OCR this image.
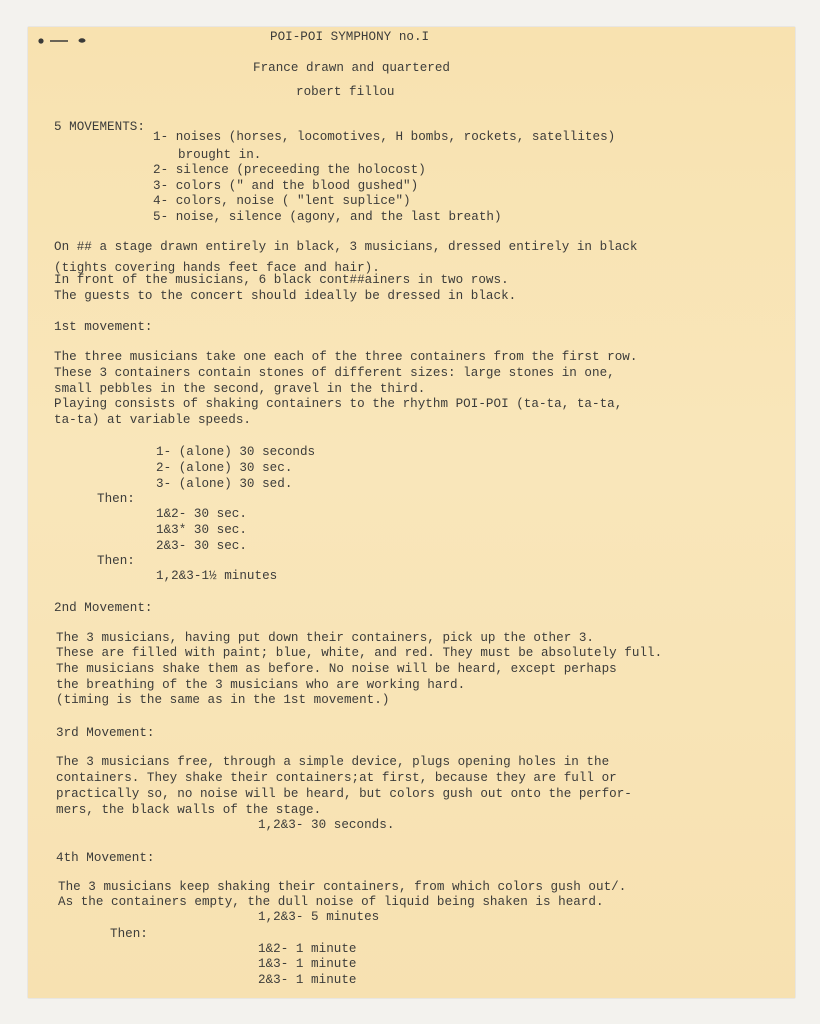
POI-POI SYMPHONY no.I
France drawn and quartered
robert fillou
5 MOVEMENTS:
1- noises (horses, locomotives, H bombs, rockets, satellites)
brought in.
2- silence (preceeding the holocost)
3- colors (" and the blood gushed")
4- colors, noise ( "lent suplice")
5- noise, silence (agony, and the last breath)
On ## a stage drawn entirely in black, 3 musicians, dressed entirely in black
(tights covering hands feet face and hair).
In front of the musicians, 6 black cont##ainers in two rows.
The guests to the concert should ideally be dressed in black.
1st movement:
The three musicians take one each of the three containers from the first row.
These 3 containers contain stones of different sizes: large stones in one,
small pebbles in the second, gravel in the third.
Playing consists of shaking containers to the rhythm POI-POI (ta-ta, ta-ta,
ta-ta) at variable speeds.
1- (alone) 30 seconds
2- (alone) 30 sec.
3- (alone) 30 sed.
Then:
1&2- 30 sec.
1&3* 30 sec.
2&3- 30 sec.
Then:
1,2&3-1½ minutes
2nd Movement:
The 3 musicians, having put down their containers, pick up the other 3.
These are filled with paint; blue, white, and red. They must be absolutely full.
The musicians shake them as before. No noise will be heard, except perhaps
the breathing of the 3 musicians who are working hard.
(timing is the same as in the 1st movement.)
3rd Movement:
The 3 musicians free, through a simple device, plugs opening holes in the
containers. They shake their containers;at first, because they are full or
practically so, no noise will be heard, but colors gush out onto the perfor-
mers, the black walls of the stage.
1,2&3- 30 seconds.
4th Movement:
The 3 musicians keep shaking their containers, from which colors gush out/.
As the containers empty, the dull noise of liquid being shaken is heard.
1,2&3- 5 minutes
Then:
1&2- 1 minute
1&3- 1 minute
2&3- 1 minute
